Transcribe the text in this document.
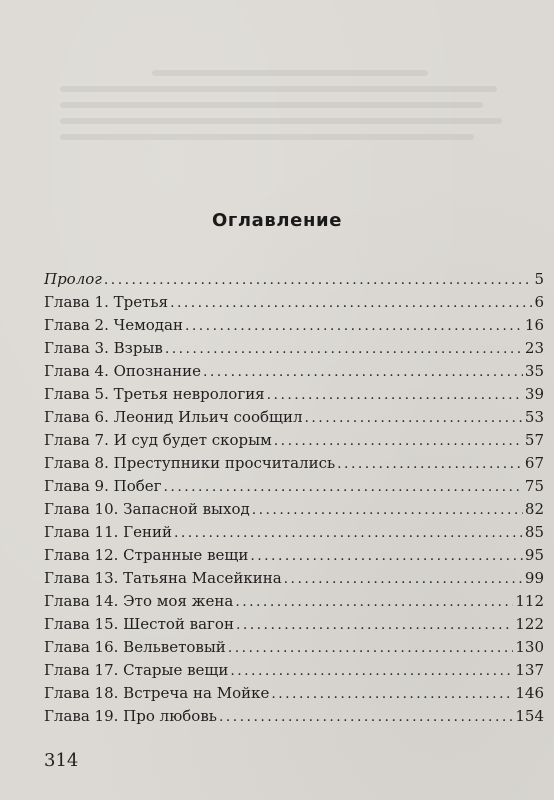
Оглавление
Пролог . . .	5
Глава 1. Третья . . .	6
Глава 2. Чемодан . . .	16
Глава 3. Взрыв . . .	23
Глава 4. Опознание . . .	35
Глава 5. Третья неврология . . .	39
Глава 6. Леонид Ильич сообщил . . .	53
Глава 7. И суд будет скорым . . .	57
Глава 8. Преступники просчитались . . .	67
Глава 9. Побег . . .	75
Глава 10. Запасной выход . . .	82
Глава 11. Гений . . .	85
Глава 12. Странные вещи . . .	95
Глава 13. Татьяна Масейкина . . .	99
Глава 14. Это моя жена . . .	112
Глава 15. Шестой вагон . . .	122
Глава 16. Вельветовый . . .	130
Глава 17. Старые вещи . . .	137
Глава 18. Встреча на Мойке . . .	146
Глава 19. Про любовь . . .	154
314
